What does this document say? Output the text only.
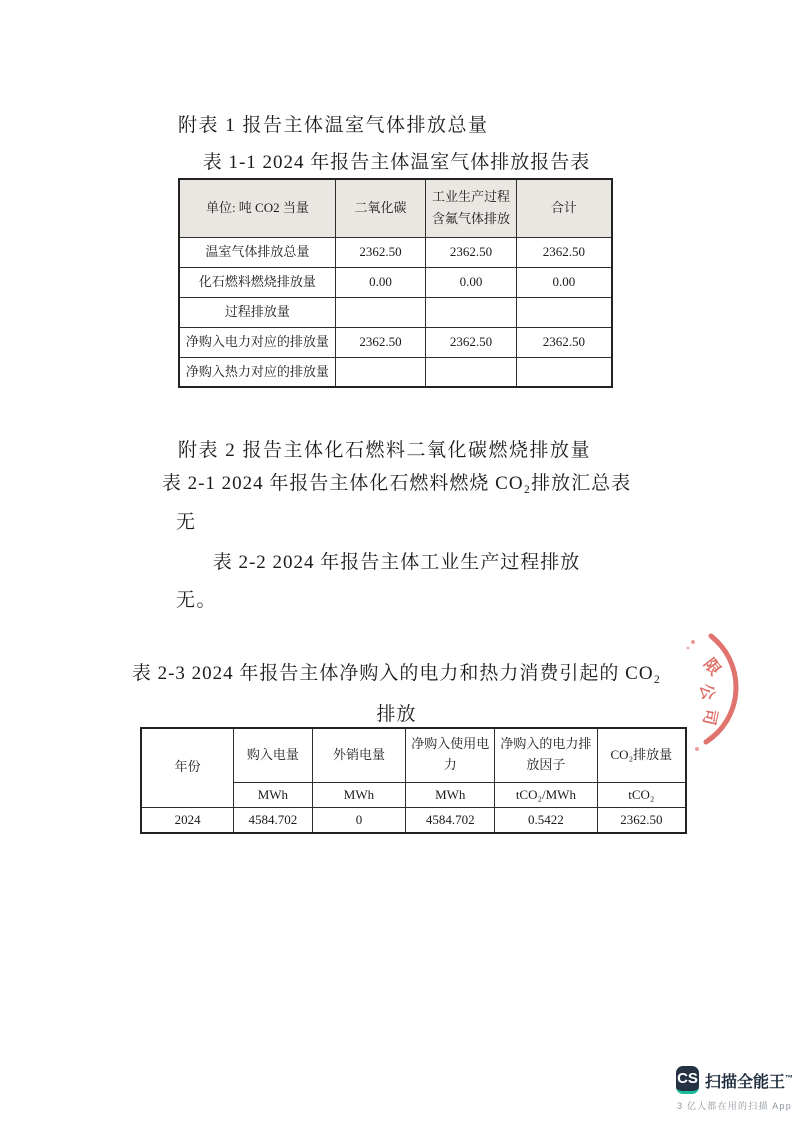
附表 1 报告主体温室气体排放总量
表 1-1 2024 年报告主体温室气体排放报告表
单位: 吨 CO2 当量	二氧化碳	工业生产过程含氟气体排放	合计
温室气体排放总量	2362.50	2362.50	2362.50
化石燃料燃烧排放量	0.00	0.00	0.00
过程排放量			
净购入电力对应的排放量	2362.50	2362.50	2362.50
净购入热力对应的排放量			
附表 2 报告主体化石燃料二氧化碳燃烧排放量
表 2-1 2024 年报告主体化石燃料燃烧 CO₂排放汇总表
无
表 2-2 2024 年报告主体工业生产过程排放
无。
表 2-3 2024 年报告主体净购入的电力和热力消费引起的 CO₂
排放
年份	购入电量	外销电量	净购入使用电力	净购入的电力排放因子	CO₂排放量
	MWh	MWh	MWh	tCO₂/MWh	tCO₂
2024	4584.702	0	4584.702	0.5422	2362.50
限
公
司
CS 扫描全能王™
3 亿人都在用的扫描 App
